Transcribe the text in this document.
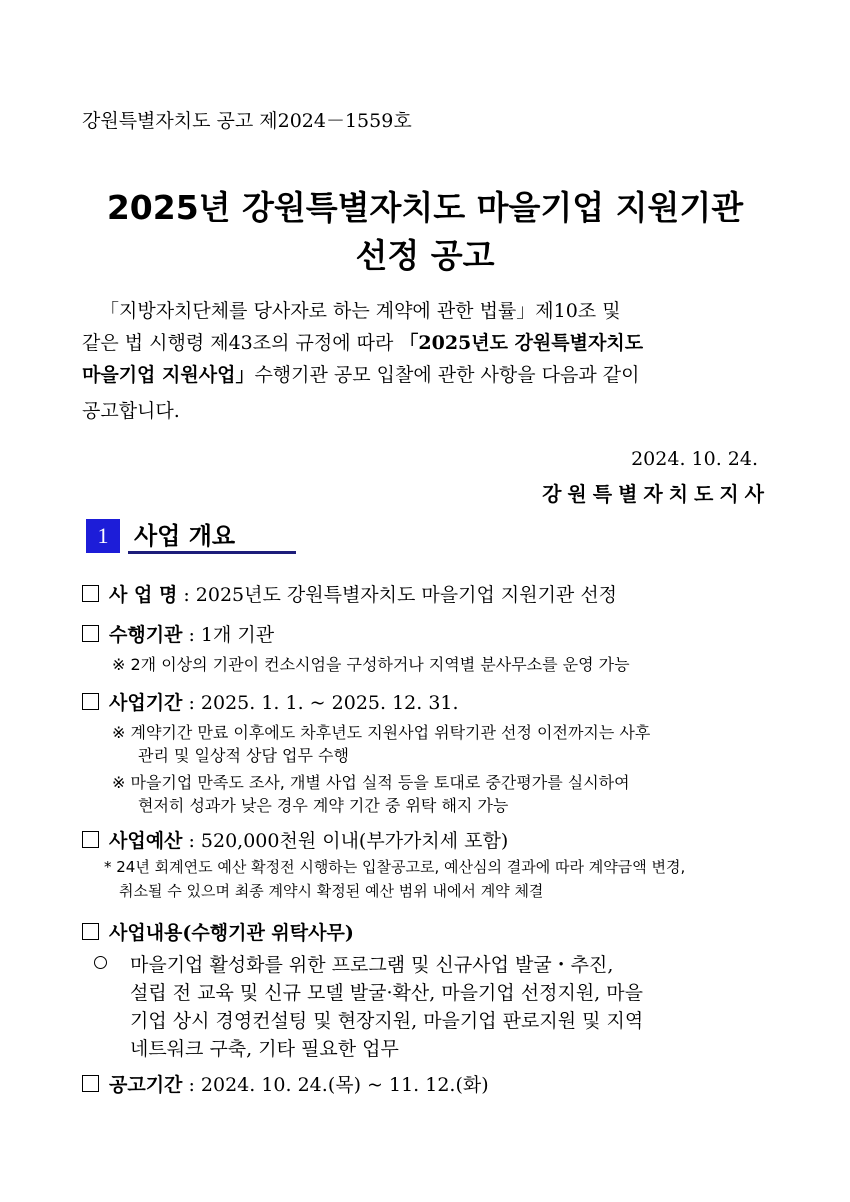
강원특별자치도 공고 제2024－1559호
2025년 강원특별자치도 마을기업 지원기관
선정 공고
「지방자치단체를 당사자로 하는 계약에 관한 법률」제10조 및
같은 법 시행령 제43조의 규정에 따라 「2025년도 강원특별자치도
마을기업 지원사업」수행기관 공모 입찰에 관한 사항을 다음과 같이
공고합니다.
2024. 10. 24.
강원특별자치도지사
1	사업 개요
사 업 명 : 2025년도 강원특별자치도 마을기업 지원기관 선정
수행기관 : 1개 기관
※ 2개 이상의 기관이 컨소시엄을 구성하거나 지역별 분사무소를 운영 가능
사업기간 : 2025. 1. 1. ~ 2025. 12. 31.
※ 계약기간 만료 이후에도 차후년도 지원사업 위탁기관 선정 이전까지는 사후
관리 및 일상적 상담 업무 수행
※ 마을기업 만족도 조사, 개별 사업 실적 등을 토대로 중간평가를 실시하여
현저히 성과가 낮은 경우 계약 기간 중 위탁 해지 가능
사업예산 : 520,000천원 이내(부가가치세 포함)
* 24년 회계연도 예산 확정전 시행하는 입찰공고로, 예산심의 결과에 따라 계약금액 변경,
취소될 수 있으며 최종 계약시 확정된 예산 범위 내에서 계약 체결
사업내용(수행기관 위탁사무)
마을기업 활성화를 위한 프로그램 및 신규사업 발굴・추진,
설립 전 교육 및 신규 모델 발굴·확산, 마을기업 선정지원, 마을
기업 상시 경영컨설팅 및 현장지원, 마을기업 판로지원 및 지역
네트워크 구축, 기타 필요한 업무
공고기간 : 2024. 10. 24.(목) ~ 11. 12.(화)
